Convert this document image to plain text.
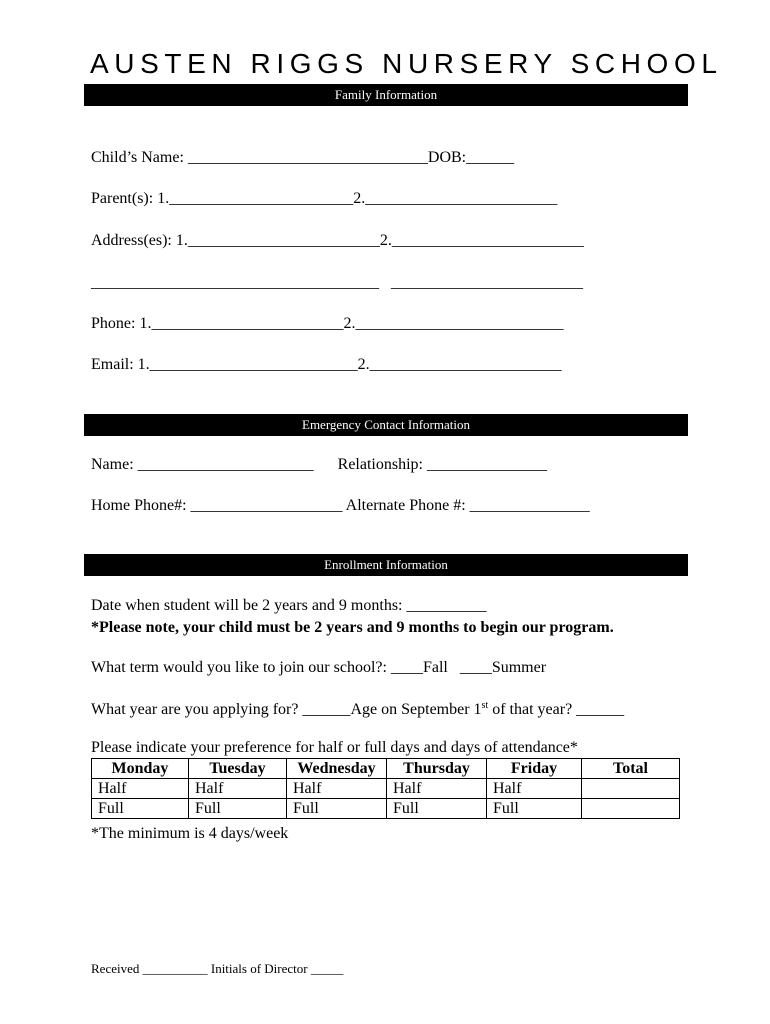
AUSTEN RIGGS NURSERY SCHOOL
Family Information
Child’s Name: ______________________________DOB:______
Parent(s): 1._______________________2.________________________
Address(es): 1.________________________2.________________________
____________________________________   ________________________
Phone: 1.________________________2.__________________________
Email: 1.__________________________2.________________________
Emergency Contact Information
Name: ______________________      Relationship: _______________
Home Phone#: ___________________ Alternate Phone #: _______________
Enrollment Information
Date when student will be 2 years and 9 months: __________
*Please note, your child must be 2 years and 9 months to begin our program.
What term would you like to join our school?: ____Fall   ____Summer
What year are you applying for? ______Age on September 1st of that year? ______
Please indicate your preference for half or full days and days of attendance*
Monday	Tuesday	Wednesday	Thursday	Friday	Total
Half	Half	Half	Half	Half	
Full	Full	Full	Full	Full	
*The minimum is 4 days/week
Received __________ Initials of Director _____
